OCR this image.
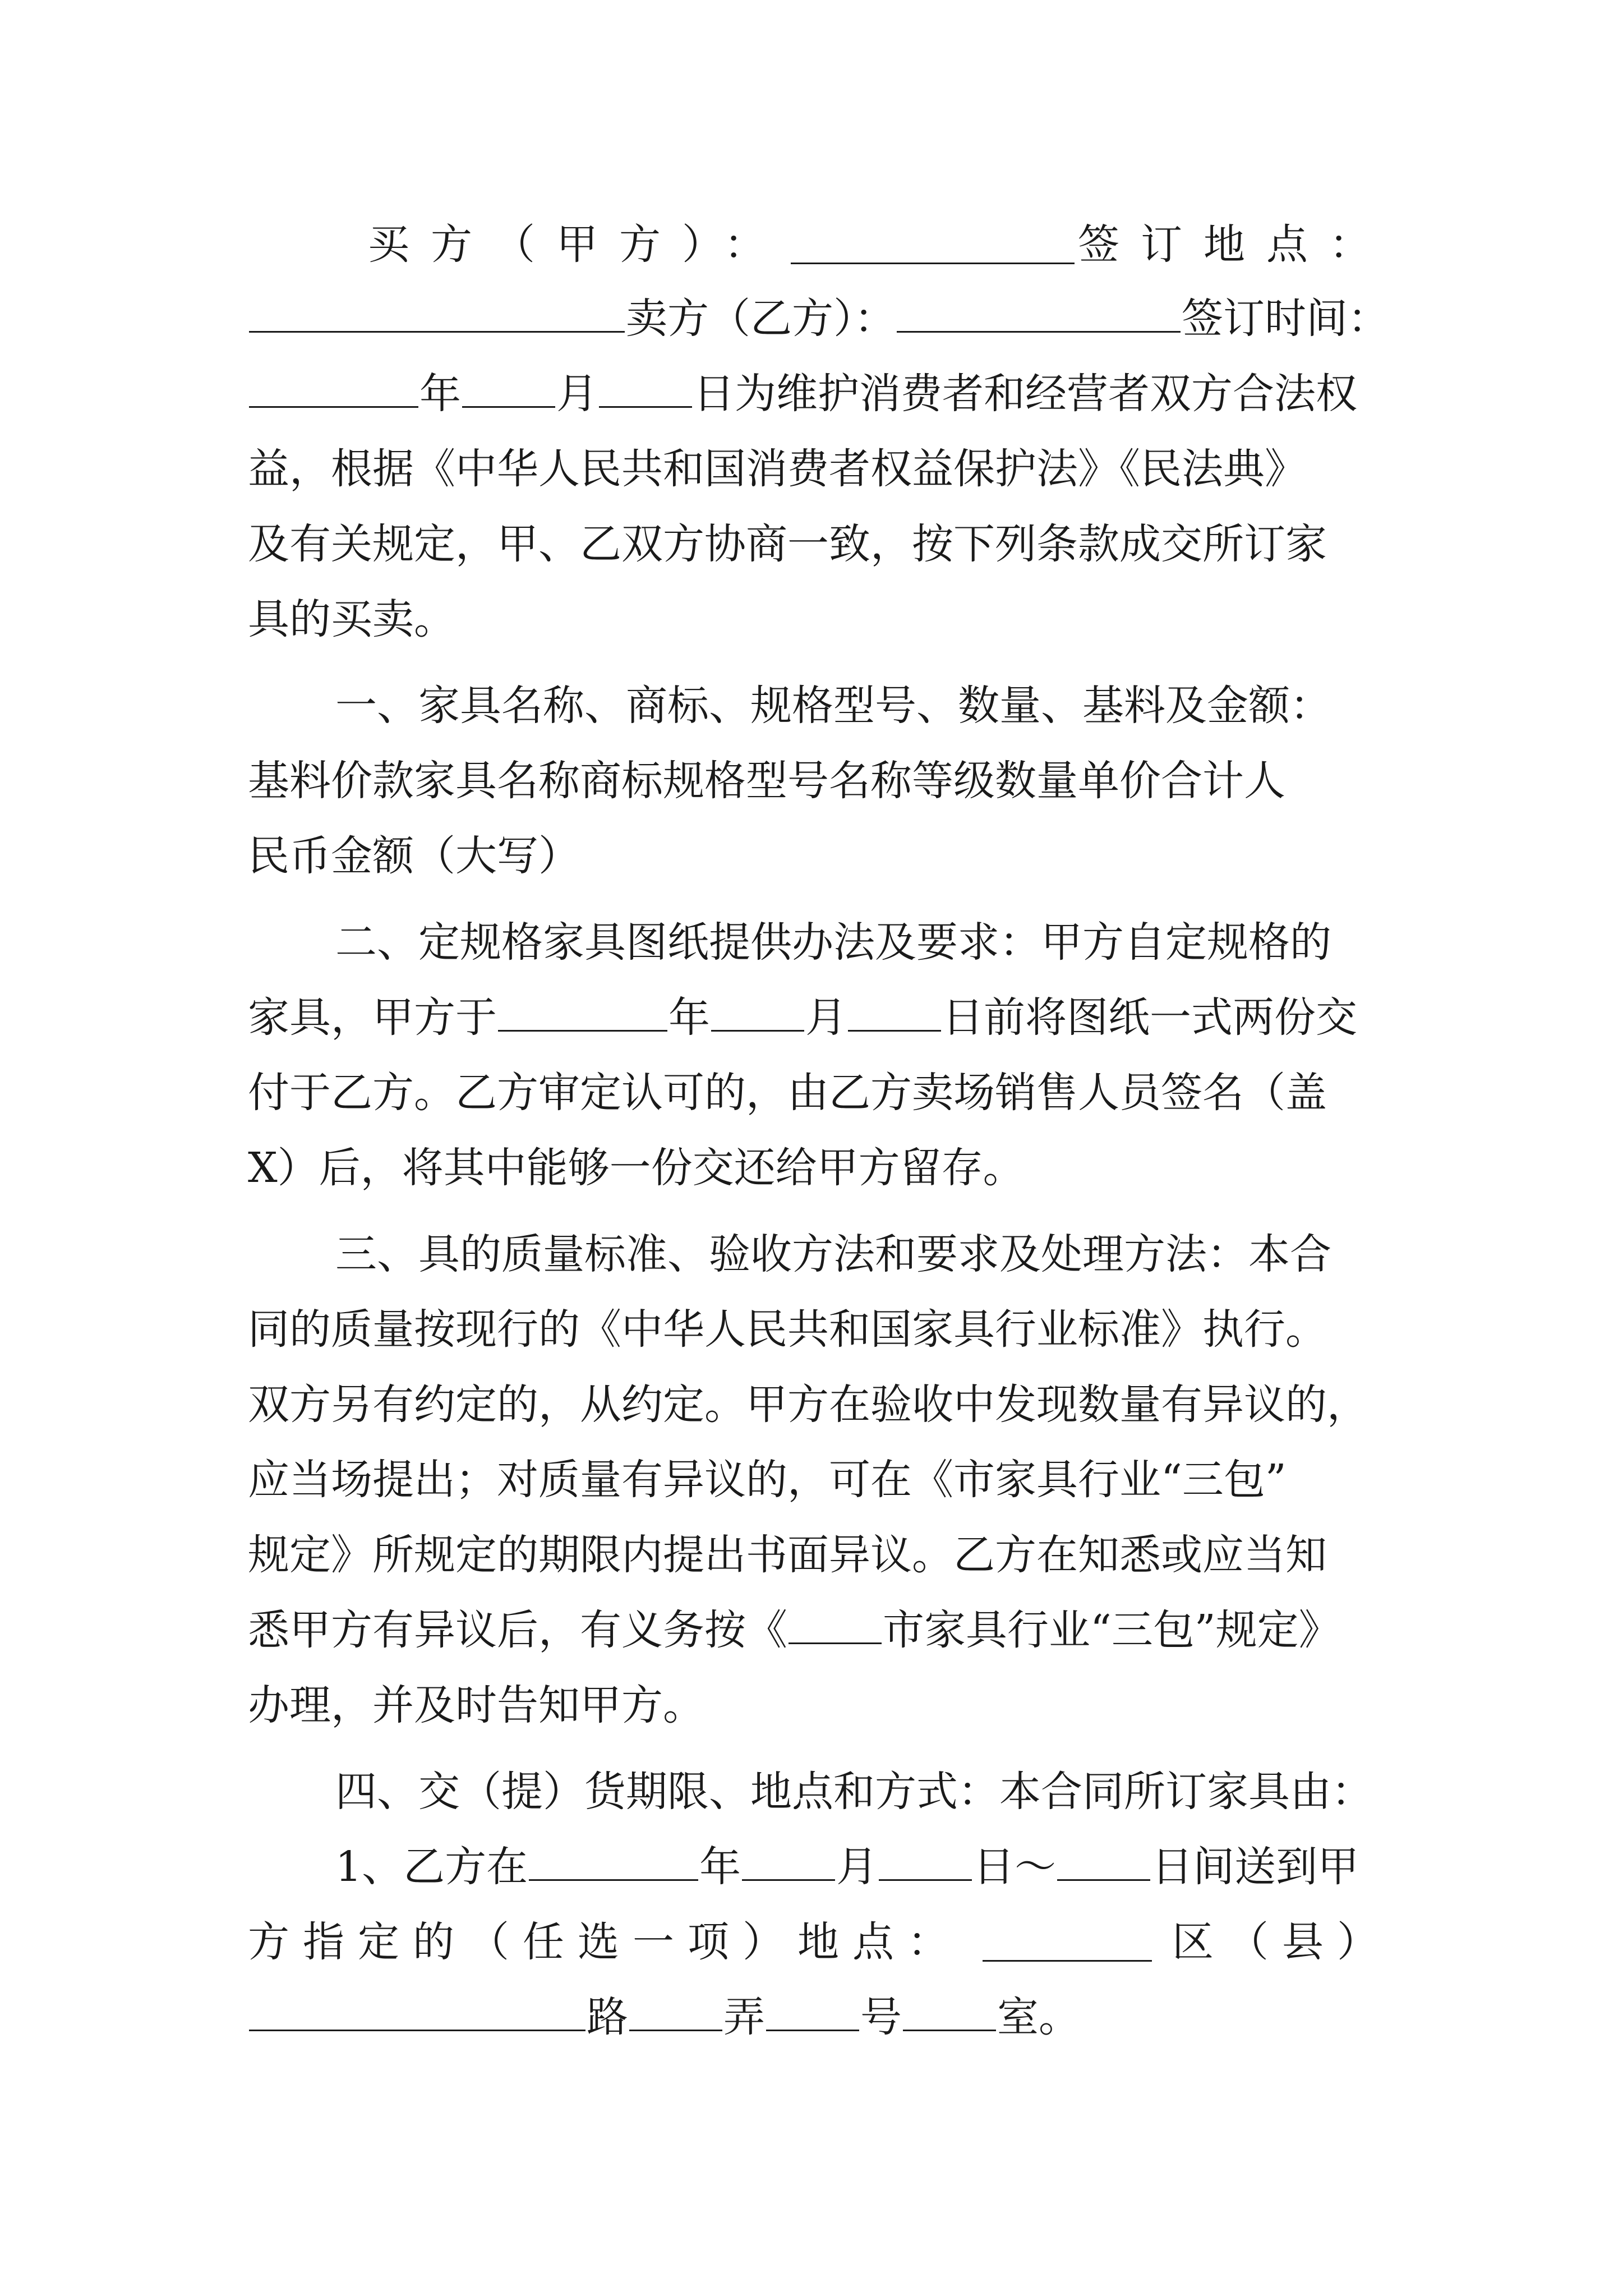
买方（甲方）：	签订地点：
卖方（乙方）：	签订时间：
年 月 日为维护消费者和经营者双方合法权
益，根据《中华人民共和国消费者权益保护法》《民法典》
及有关规定，甲、乙双方协商一致，按下列条款成交所订家
具的买卖。
一、家具名称、商标、规格型号、数量、基料及金额：
基料价款家具名称商标规格型号名称等级数量单价合计人
民币金额（大写）
二、定规格家具图纸提供办法及要求：甲方自定规格的
家具，甲方于	年 月 日前将图纸一式两份交
付于乙方。乙方审定认可的，由乙方卖场销售人员签名（盖
X）后，将其中能够一份交还给甲方留存。
三、具的质量标准、验收方法和要求及处理方法：本合
同的质量按现行的《中华人民共和国家具行业标准》执行。
双方另有约定的，从约定。甲方在验收中发现数量有异议的，
应当场提出；对质量有异议的，可在《市家具行业“三包”
规定》所规定的期限内提出书面异议。乙方在知悉或应当知
悉甲方有异议后，有义务按《 市家具行业“三包”规定》
办理，并及时告知甲方。
四、交（提）货期限、地点和方式：本合同所订家具由：
1、乙方在	年 月 日～ 日间送到甲
方指定的（任选一项）地点：	区（县）
路 弄 号 室。
